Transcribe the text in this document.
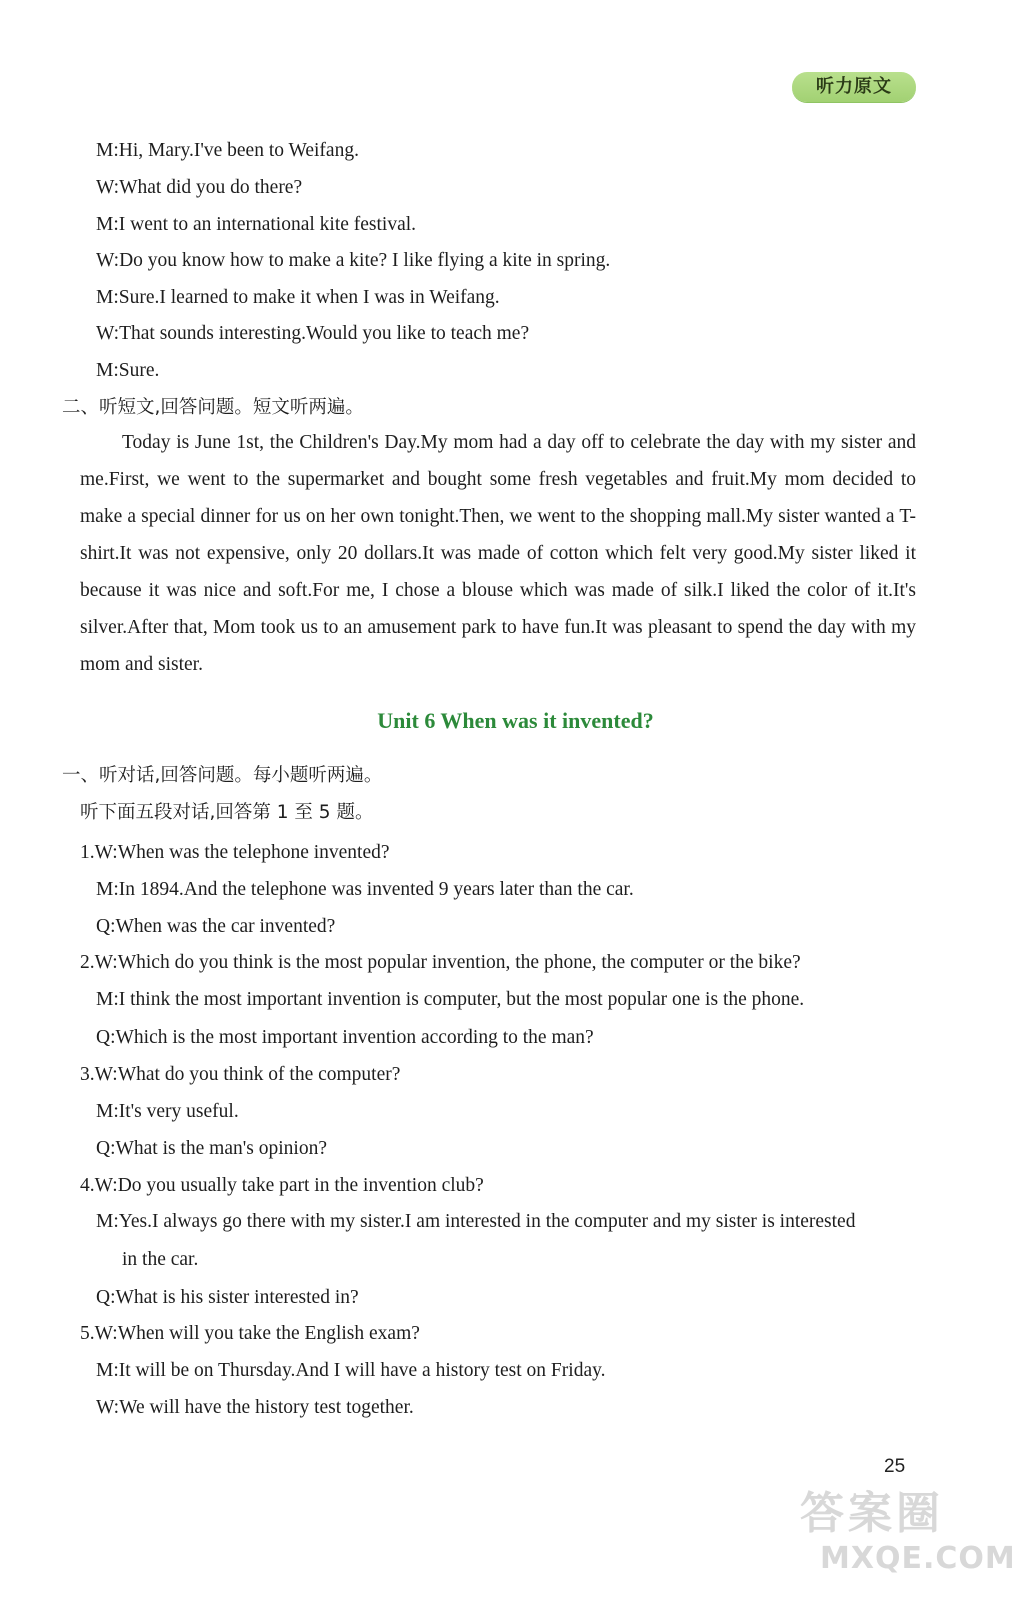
听力原文
M:Hi, Mary.I've been to Weifang.
W:What did you do there?
M:I went to an international kite festival.
W:Do you know how to make a kite? I like flying a kite in spring.
M:Sure.I learned to make it when I was in Weifang.
W:That sounds interesting.Would you like to teach me?
M:Sure.
二、听短文,回答问题。短文听两遍。

Today is June 1st, the Children's Day.My mom had a day off to celebrate the day with my sister and me.First, we went to the supermarket and bought some fresh vegetables and fruit.My mom decided to make a special dinner for us on her own tonight.Then, we went to the shopping mall.My sister wanted a T-shirt.It was not expensive, only 20 dollars.It was made of cotton which felt very good.My sister liked it because it was nice and soft.For me, I chose a blouse which was made of silk.I liked the color of it.It's silver.After that, Mom took us to an amusement park to have fun.It was pleasant to spend the day with my mom and sister.

Unit 6 When was it invented?
一、听对话,回答问题。每小题听两遍。
听下面五段对话,回答第 1 至 5 题。
1.W:When was the telephone invented?
M:In 1894.And the telephone was invented 9 years later than the car.
Q:When was the car invented?
2.W:Which do you think is the most popular invention, the phone, the computer or the bike?
M:I think the most important invention is computer, but the most popular one is the phone.
Q:Which is the most important invention according to the man?
3.W:What do you think of the computer?
M:It's very useful.
Q:What is the man's opinion?
4.W:Do you usually take part in the invention club?
M:Yes.I always go there with my sister.I am interested in the computer and my sister is interested
in the car.
Q:What is his sister interested in?
5.W:When will you take the English exam?
M:It will be on Thursday.And I will have a history test on Friday.
W:We will have the history test together.
25
答案圈
MXQE.COM
